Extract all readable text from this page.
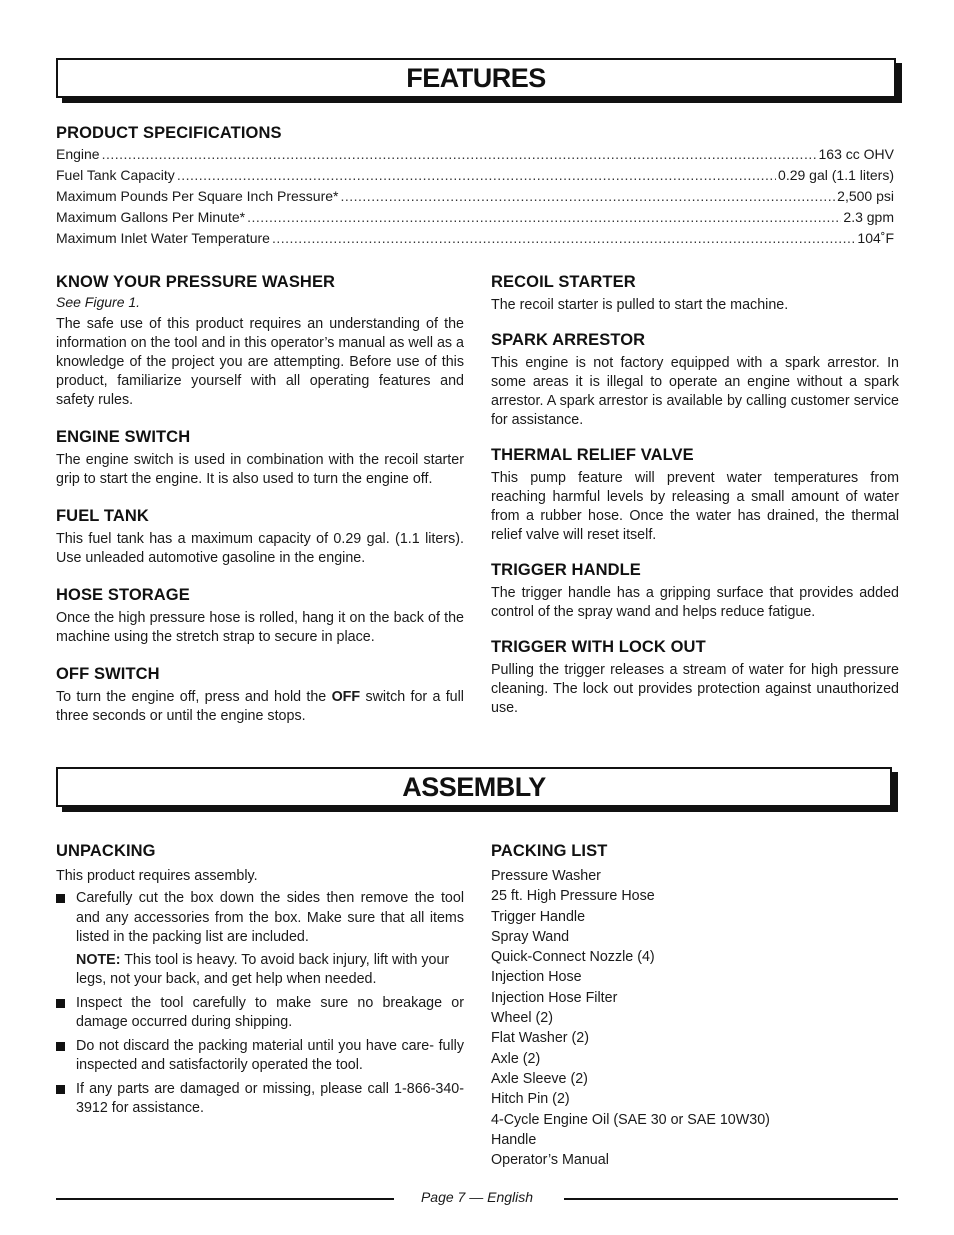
FEATURES
PRODUCT SPECIFICATIONS
Engine .....	163 cc OHV
Fuel Tank Capacity .....	0.29 gal (1.1 liters)
Maximum Pounds Per Square Inch Pressure* .....	2,500 psi
Maximum Gallons Per Minute* .....	2.3 gpm
Maximum Inlet Water Temperature .....	104˚F
KNOW YOUR PRESSURE WASHER

See Figure 1.

The safe use of this product requires an understanding of the information on the tool and in this operator’s manual as well as a knowledge of the project you are attempting. Before use of this product, familiarize yourself with all operating features and safety rules.

ENGINE SWITCH

The engine switch is used in combination with the recoil starter grip to start the engine. It is also used to turn the engine off.

FUEL TANK

This fuel tank has a maximum capacity of 0.29 gal. (1.1 liters). Use unleaded automotive gasoline in the engine.

HOSE STORAGE

Once the high pressure hose is rolled, hang it on the back of the machine using the stretch strap to secure in place.

OFF SWITCH

To turn the engine off, press and hold the OFF switch for a full three seconds or until the engine stops.

RECOIL STARTER

The recoil starter is pulled to start the machine.

SPARK ARRESTOR

This engine is not factory equipped with a spark arrestor. In some areas it is illegal to operate an engine without a spark arrestor. A spark arrestor is available by calling customer service for assistance.

THERMAL RELIEF VALVE

This pump feature will prevent water temperatures from reaching harmful levels by releasing a small amount of water from a rubber hose. Once the water has drained, the thermal relief valve will reset itself.

TRIGGER HANDLE

The trigger handle has a gripping surface that provides added control of the spray wand and helps reduce fatigue.

TRIGGER WITH LOCK OUT

Pulling the trigger releases a stream of water for high pressure cleaning. The lock out provides protection against unauthorized use.

ASSEMBLY
UNPACKING

This product requires assembly.

Carefully cut the box down the sides then remove the tool and any accessories from the box. Make sure that all items listed in the packing list are included.

NOTE: This tool is heavy. To avoid back injury, lift with your legs, not your back, and get help when needed.

Inspect the tool carefully to make sure no breakage or damage occurred during shipping.
Do not discard the packing material until you have care- fully inspected and satisfactorily operated the tool.
If any parts are damaged or missing, please call 1-866-340-3912 for assistance.
PACKING LIST
Pressure Washer
25 ft. High Pressure Hose
Trigger Handle
Spray Wand
Quick-Connect Nozzle (4)
Injection Hose
Injection Hose Filter
Wheel (2)
Flat Washer (2)
Axle (2)
Axle Sleeve (2)
Hitch Pin (2)
4-Cycle Engine Oil (SAE 30 or SAE 10W30)
Handle
Operator’s Manual
Page 7 — English
